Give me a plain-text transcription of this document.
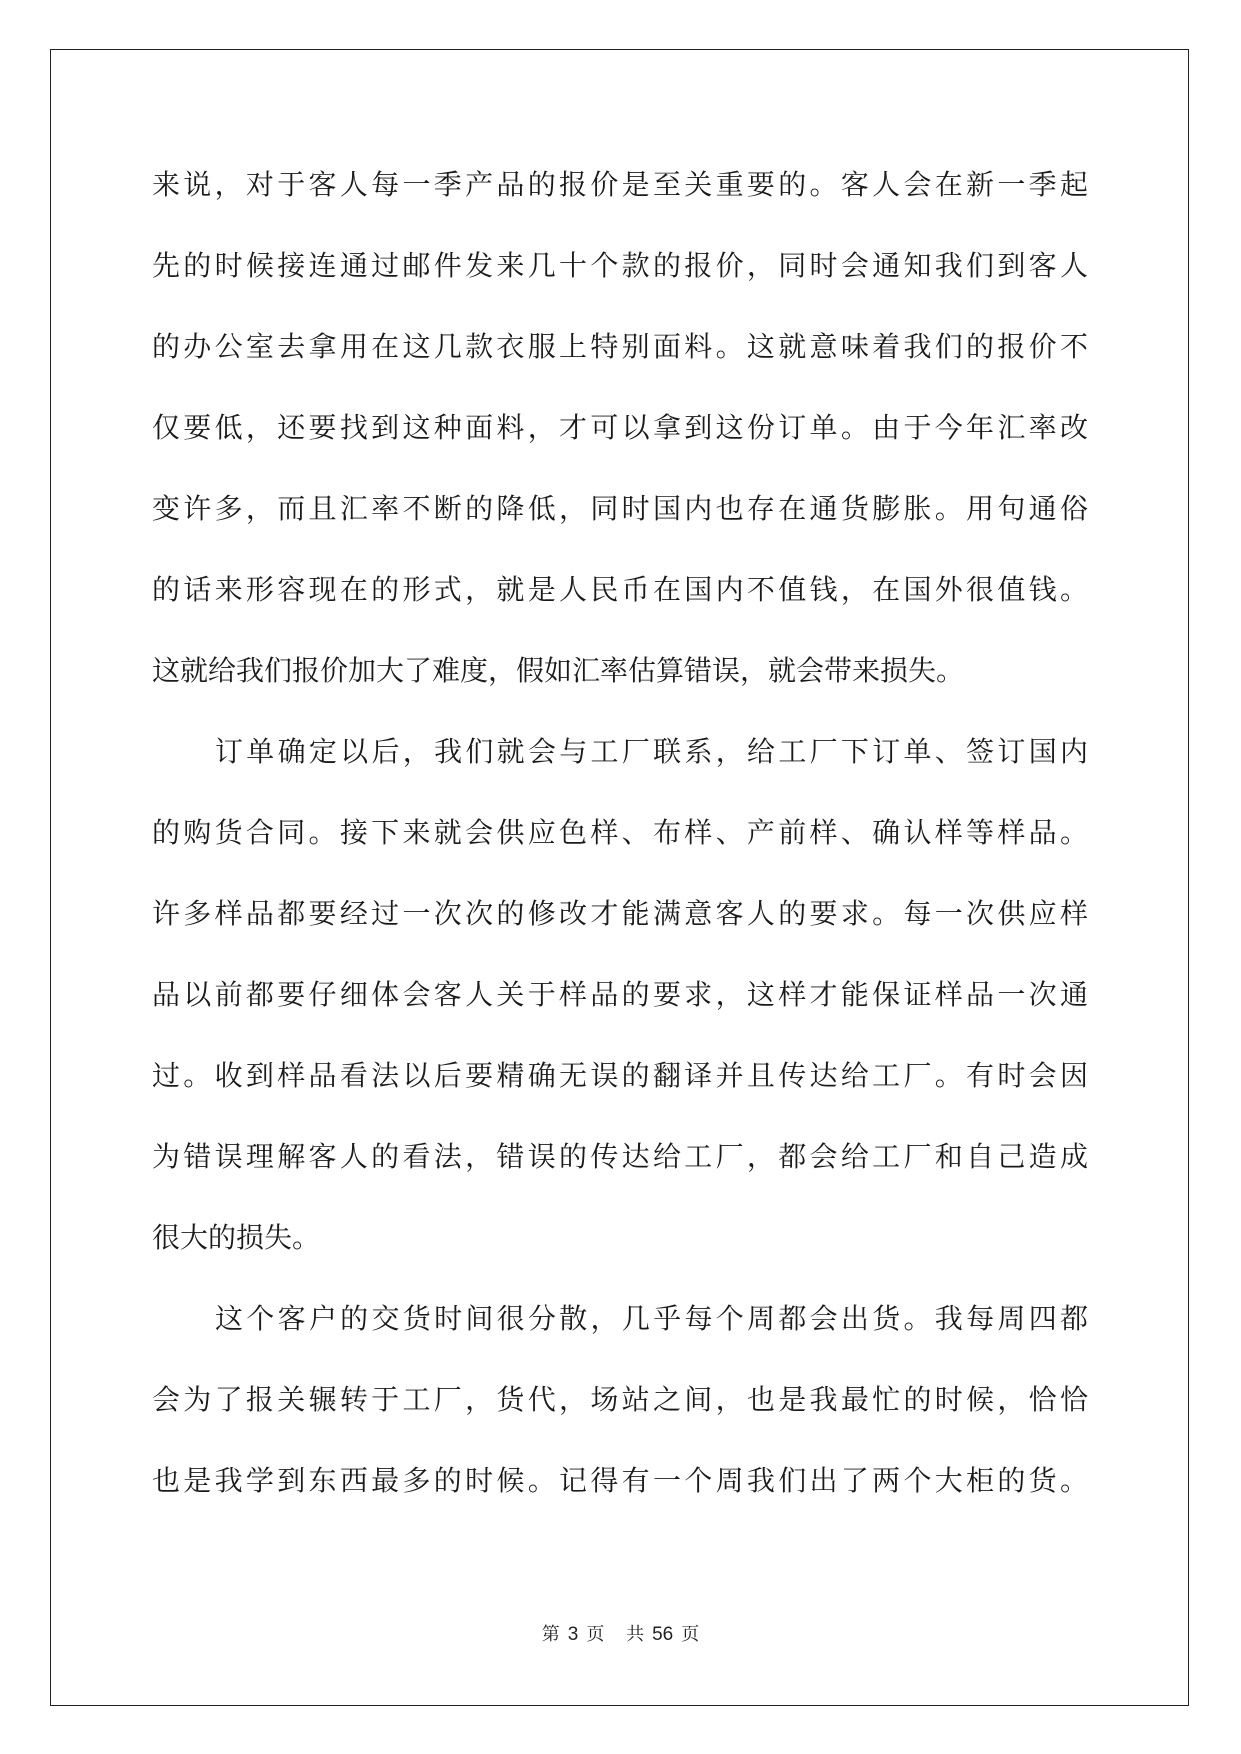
来说，对于客人每一季产品的报价是至关重要的。客人会在新一季起
先的时候接连通过邮件发来几十个款的报价，同时会通知我们到客人
的办公室去拿用在这几款衣服上特别面料。这就意味着我们的报价不
仅要低，还要找到这种面料，才可以拿到这份订单。由于今年汇率改
变许多，而且汇率不断的降低，同时国内也存在通货膨胀。用句通俗
的话来形容现在的形式，就是人民币在国内不值钱，在国外很值钱。
这就给我们报价加大了难度，假如汇率估算错误，就会带来损失。
订单确定以后，我们就会与工厂联系，给工厂下订单、签订国内
的购货合同。接下来就会供应色样、布样、产前样、确认样等样品。
许多样品都要经过一次次的修改才能满意客人的要求。每一次供应样
品以前都要仔细体会客人关于样品的要求，这样才能保证样品一次通
过。收到样品看法以后要精确无误的翻译并且传达给工厂。有时会因
为错误理解客人的看法，错误的传达给工厂，都会给工厂和自己造成
很大的损失。
这个客户的交货时间很分散，几乎每个周都会出货。我每周四都
会为了报关辗转于工厂，货代，场站之间，也是我最忙的时候，恰恰
也是我学到东西最多的时候。记得有一个周我们出了两个大柜的货。
第 3 页 共 56 页
